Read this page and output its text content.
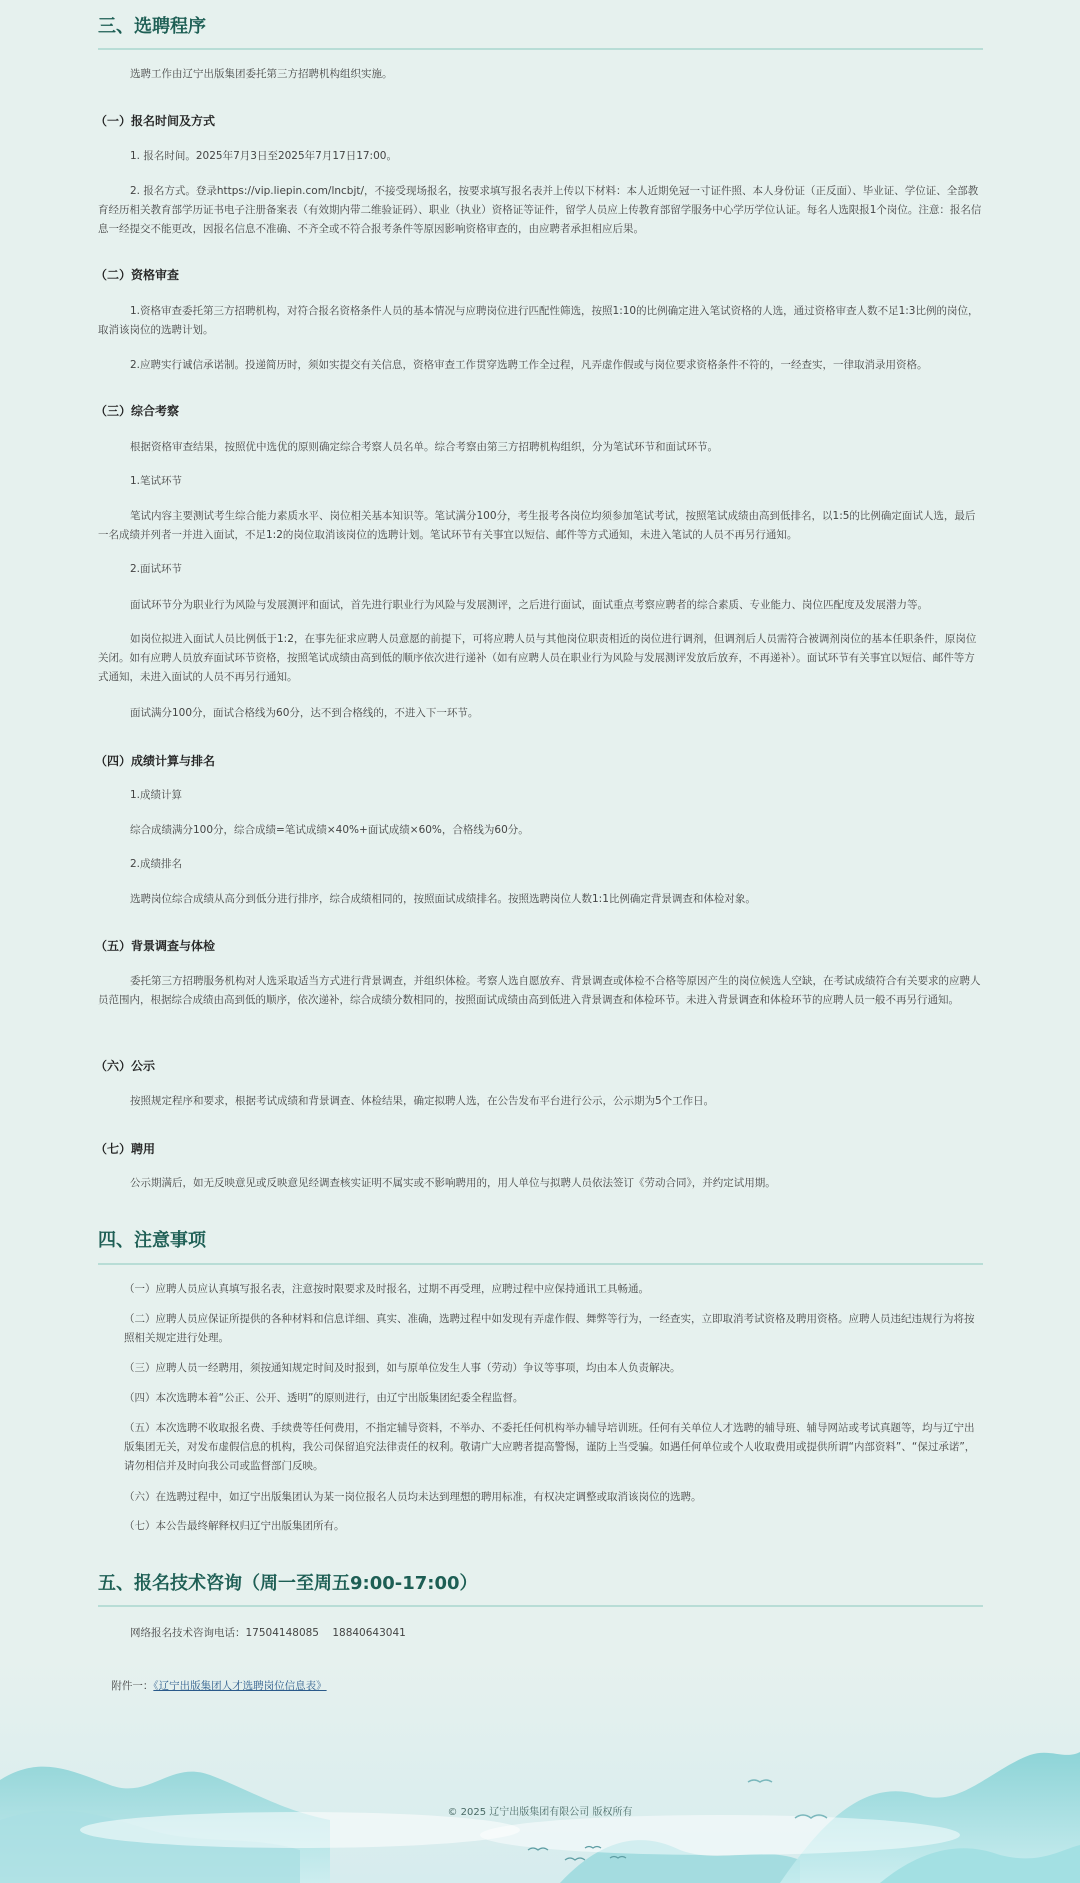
三、选聘程序
选聘工作由辽宁出版集团委托第三方招聘机构组织实施。
（一）报名时间及方式
1. 报名时间。2025年7月3日至2025年7月17日17:00。
2. 报名方式。登录https://vip.liepin.com/lncbjt/，不接受现场报名，按要求填写报名表并上传以下材料：本人近期免冠一寸证件照、本人身份证（正反面）、毕业证、学位证、全部教育经历相关教育部学历证书电子注册备案表（有效期内带二维验证码）、职业（执业）资格证等证件，留学人员应上传教育部留学服务中心学历学位认证。每名人选限报1个岗位。注意：报名信息一经提交不能更改，因报名信息不准确、不齐全或不符合报考条件等原因影响资格审查的，由应聘者承担相应后果。
（二）资格审查
1.资格审查委托第三方招聘机构，对符合报名资格条件人员的基本情况与应聘岗位进行匹配性筛选，按照1:10的比例确定进入笔试资格的人选，通过资格审查人数不足1:3比例的岗位，取消该岗位的选聘计划。
2.应聘实行诚信承诺制。投递简历时，须如实提交有关信息，资格审查工作贯穿选聘工作全过程，凡弄虚作假或与岗位要求资格条件不符的，一经查实，一律取消录用资格。
（三）综合考察
根据资格审查结果，按照优中选优的原则确定综合考察人员名单。综合考察由第三方招聘机构组织，分为笔试环节和面试环节。
1.笔试环节
笔试内容主要测试考生综合能力素质水平、岗位相关基本知识等。笔试满分100分，考生报考各岗位均须参加笔试考试，按照笔试成绩由高到低排名，以1:5的比例确定面试人选，最后一名成绩并列者一并进入面试，不足1:2的岗位取消该岗位的选聘计划。笔试环节有关事宜以短信、邮件等方式通知，未进入笔试的人员不再另行通知。
2.面试环节
面试环节分为职业行为风险与发展测评和面试，首先进行职业行为风险与发展测评，之后进行面试，面试重点考察应聘者的综合素质、专业能力、岗位匹配度及发展潜力等。
如岗位拟进入面试人员比例低于1:2，在事先征求应聘人员意愿的前提下，可将应聘人员与其他岗位职责相近的岗位进行调剂，但调剂后人员需符合被调剂岗位的基本任职条件，原岗位关闭。如有应聘人员放弃面试环节资格，按照笔试成绩由高到低的顺序依次进行递补（如有应聘人员在职业行为风险与发展测评发放后放弃，不再递补）。面试环节有关事宜以短信、邮件等方式通知，未进入面试的人员不再另行通知。
面试满分100分，面试合格线为60分，达不到合格线的，不进入下一环节。
（四）成绩计算与排名
1.成绩计算
综合成绩满分100分，综合成绩=笔试成绩×40%+面试成绩×60%，合格线为60分。
2.成绩排名
选聘岗位综合成绩从高分到低分进行排序，综合成绩相同的，按照面试成绩排名。按照选聘岗位人数1:1比例确定背景调查和体检对象。
（五）背景调查与体检
委托第三方招聘服务机构对人选采取适当方式进行背景调查，并组织体检。考察人选自愿放弃、背景调查或体检不合格等原因产生的岗位候选人空缺，在考试成绩符合有关要求的应聘人员范围内，根据综合成绩由高到低的顺序，依次递补，综合成绩分数相同的，按照面试成绩由高到低进入背景调查和体检环节。未进入背景调查和体检环节的应聘人员一般不再另行通知。
（六）公示
按照规定程序和要求，根据考试成绩和背景调查、体检结果，确定拟聘人选，在公告发布平台进行公示，公示期为5个工作日。
（七）聘用
公示期满后，如无反映意见或反映意见经调查核实证明不属实或不影响聘用的，用人单位与拟聘人员依法签订《劳动合同》，并约定试用期。
四、注意事项
（一）应聘人员应认真填写报名表，注意按时限要求及时报名，过期不再受理，应聘过程中应保持通讯工具畅通。
（二）应聘人员应保证所提供的各种材料和信息详细、真实、准确，选聘过程中如发现有弄虚作假、舞弊等行为，一经查实，立即取消考试资格及聘用资格。应聘人员违纪违规行为将按照相关规定进行处理。
（三）应聘人员一经聘用，须按通知规定时间及时报到，如与原单位发生人事（劳动）争议等事项，均由本人负责解决。
（四）本次选聘本着“公正、公开、透明”的原则进行，由辽宁出版集团纪委全程监督。
（五）本次选聘不收取报名费、手续费等任何费用，不指定辅导资料，不举办、不委托任何机构举办辅导培训班。任何有关单位人才选聘的辅导班、辅导网站或考试真题等，均与辽宁出版集团无关，对发布虚假信息的机构，我公司保留追究法律责任的权利。敬请广大应聘者提高警惕，谨防上当受骗。如遇任何单位或个人收取费用或提供所谓“内部资料”、“保过承诺”，请勿相信并及时向我公司或监督部门反映。
（六）在选聘过程中，如辽宁出版集团认为某一岗位报名人员均未达到理想的聘用标准，有权决定调整或取消该岗位的选聘。
（七）本公告最终解释权归辽宁出版集团所有。
五、报名技术咨询（周一至周五9:00-17:00）
网络报名技术咨询电话：17504148085    18840643041

附件一：《辽宁出版集团人才选聘岗位信息表》

© 2025 辽宁出版集团有限公司 版权所有
